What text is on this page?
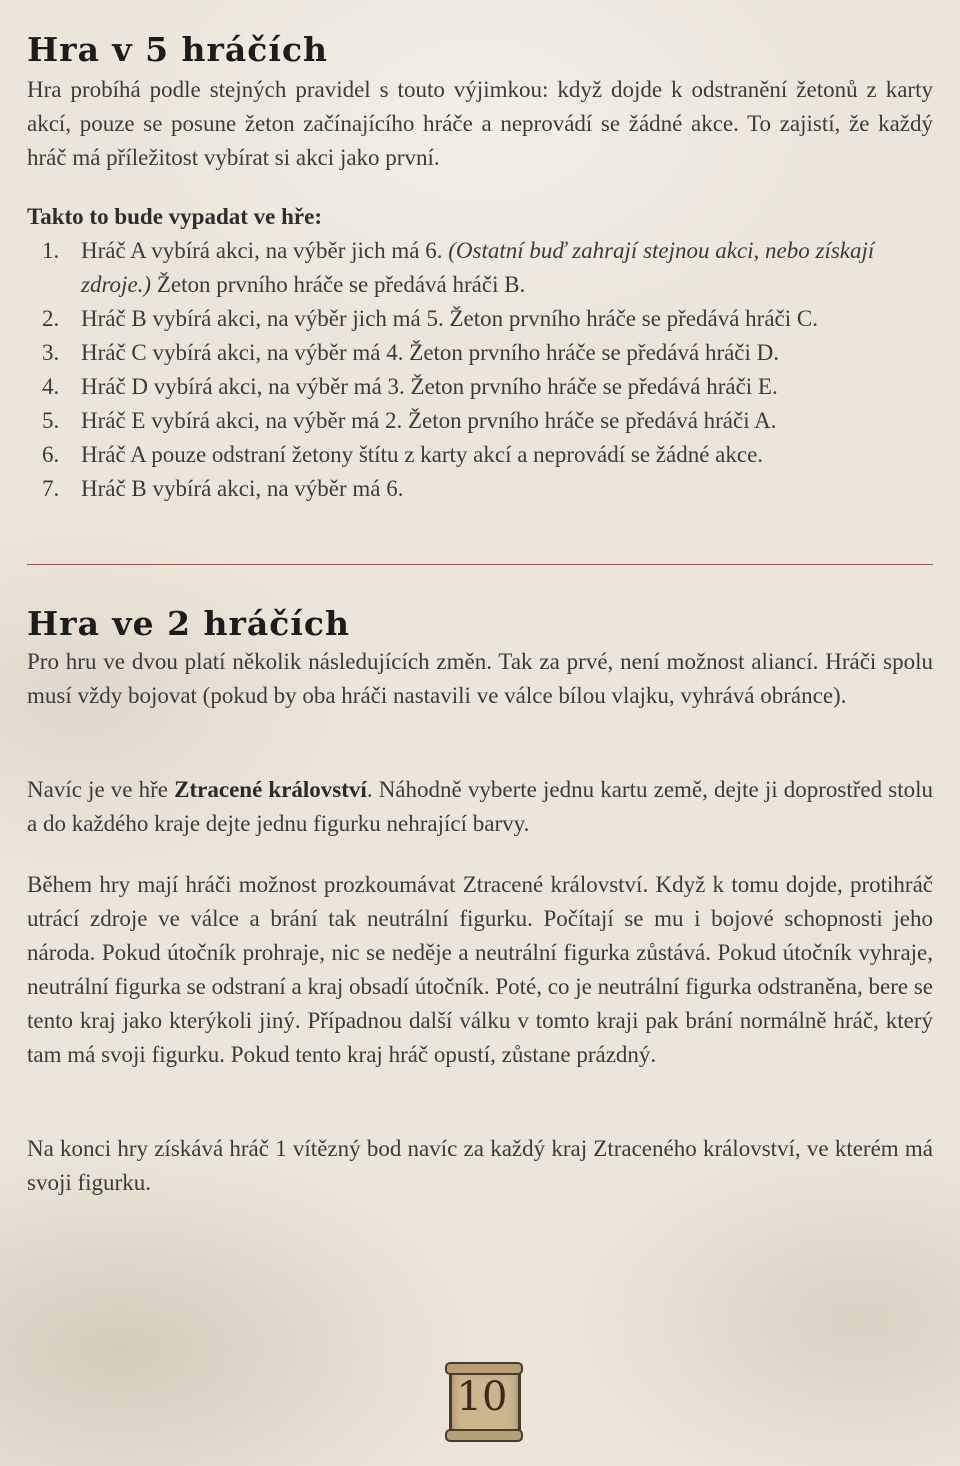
Hra v 5 hráčích

Hra probíhá podle stejných pravidel s touto výjimkou: když dojde k odstranění žetonů z karty akcí, pouze se posune žeton začínajícího hráče a neprovádí se žádné akce. To zajistí, že každý hráč má příležitost vybírat si akci jako první.

Takto to bude vypadat ve hře:
1. Hráč A vybírá akci, na výběr jich má 6. (Ostatní buď zahrají stejnou akci, nebo získají zdroje.) Žeton prvního hráče se předává hráči B.
2. Hráč B vybírá akci, na výběr jich má 5. Žeton prvního hráče se předává hráči C.
3. Hráč C vybírá akci, na výběr má 4. Žeton prvního hráče se předává hráči D.
4. Hráč D vybírá akci, na výběr má 3. Žeton prvního hráče se předává hráči E.
5. Hráč E vybírá akci, na výběr má 2. Žeton prvního hráče se předává hráči A.
6. Hráč A pouze odstraní žetony štítu z karty akcí a neprovádí se žádné akce.
7. Hráč B vybírá akci, na výběr má 6.
Hra ve 2 hráčích

Pro hru ve dvou platí několik následujících změn. Tak za prvé, není možnost aliancí. Hráči spolu musí vždy bojovat (pokud by oba hráči nastavili ve válce bílou vlajku, vyhrává obránce).

Navíc je ve hře Ztracené království. Náhodně vyberte jednu kartu země, dejte ji doprostřed stolu a do každého kraje dejte jednu figurku nehrající barvy.

Během hry mají hráči možnost prozkoumávat Ztracené království. Když k tomu dojde, protihráč utrácí zdroje ve válce a brání tak neutrální figurku. Počítají se mu i bojové schopnosti jeho národa. Pokud útočník prohraje, nic se neděje a neutrální figurka zůstává. Pokud útočník vyhraje, neutrální figurka se odstraní a kraj obsadí útočník. Poté, co je neutrální figurka odstraněna, bere se tento kraj jako kterýkoli jiný. Případnou další válku v tomto kraji pak brání normálně hráč, který tam má svoji figurku. Pokud tento kraj hráč opustí, zůstane prázdný.

Na konci hry získává hráč 1 vítězný bod navíc za každý kraj Ztraceného království, ve kterém má svoji figurku.

10
